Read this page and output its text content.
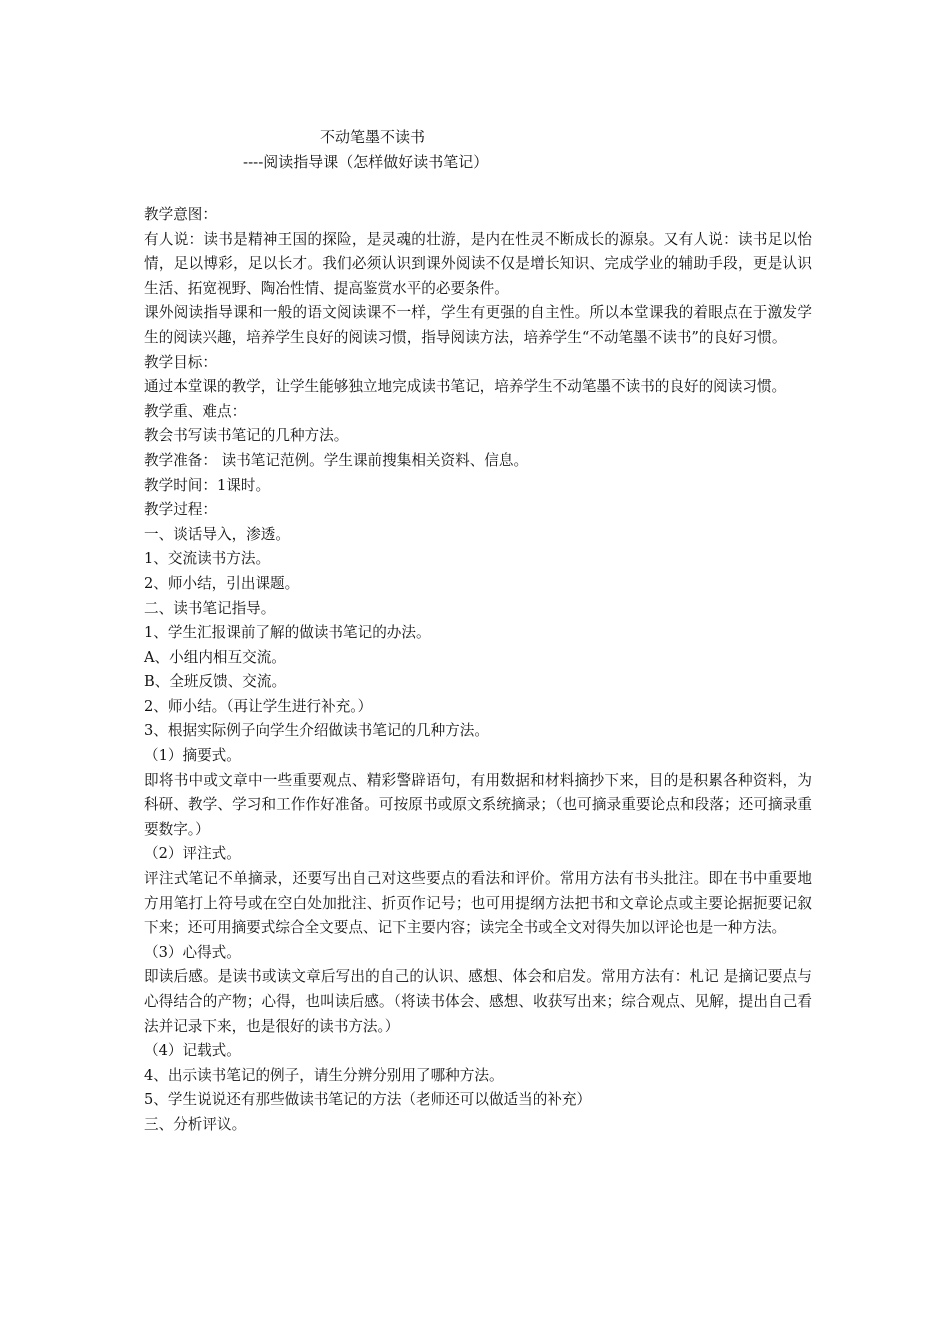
不动笔墨不读书
----阅读指导课（怎样做好读书笔记）

教学意图：

有人说：读书是精神王国的探险，是灵魂的壮游，是内在性灵不断成长的源泉。又有人说：读书足以怡情，足以博彩，足以长才。我们必须认识到课外阅读不仅是增长知识、完成学业的辅助手段，更是认识生活、拓宽视野、陶冶性情、提高鉴赏水平的必要条件。

课外阅读指导课和一般的语文阅读课不一样，学生有更强的自主性。所以本堂课我的着眼点在于激发学生的阅读兴趣，培养学生良好的阅读习惯，指导阅读方法，培养学生“不动笔墨不读书”的良好习惯。

教学目标：

通过本堂课的教学，让学生能够独立地完成读书笔记，培养学生不动笔墨不读书的良好的阅读习惯。

教学重、难点：

教会书写读书笔记的几种方法。

教学准备： 读书笔记范例。学生课前搜集相关资料、信息。

教学时间：1课时。

教学过程：

一、谈话导入，渗透。

1、交流读书方法。

2、师小结，引出课题。

二、读书笔记指导。

1、学生汇报课前了解的做读书笔记的办法。

A、小组内相互交流。

B、全班反馈、交流。

2、师小结。（再让学生进行补充。）

3、根据实际例子向学生介绍做读书笔记的几种方法。

（1）摘要式。

即将书中或文章中一些重要观点、精彩警辟语句，有用数据和材料摘抄下来，目的是积累各种资料，为科研、教学、学习和工作作好准备。可按原书或原文系统摘录；（也可摘录重要论点和段落；还可摘录重要数字。）

（2）评注式。

评注式笔记不单摘录，还要写出自己对这些要点的看法和评价。常用方法有书头批注。即在书中重要地方用笔打上符号或在空白处加批注、折页作记号；也可用提纲方法把书和文章论点或主要论据扼要记叙下来；还可用摘要式综合全文要点、记下主要内容；读完全书或全文对得失加以评论也是一种方法。

（3）心得式。

即读后感。是读书或读文章后写出的自己的认识、感想、体会和启发。常用方法有：札记 是摘记要点与心得结合的产物；心得，也叫读后感。（将读书体会、感想、收获写出来；综合观点、见解，提出自己看法并记录下来，也是很好的读书方法。）

（4）记载式。

4、出示读书笔记的例子，请生分辨分别用了哪种方法。

5、学生说说还有那些做读书笔记的方法（老师还可以做适当的补充）

三、分析评议。
